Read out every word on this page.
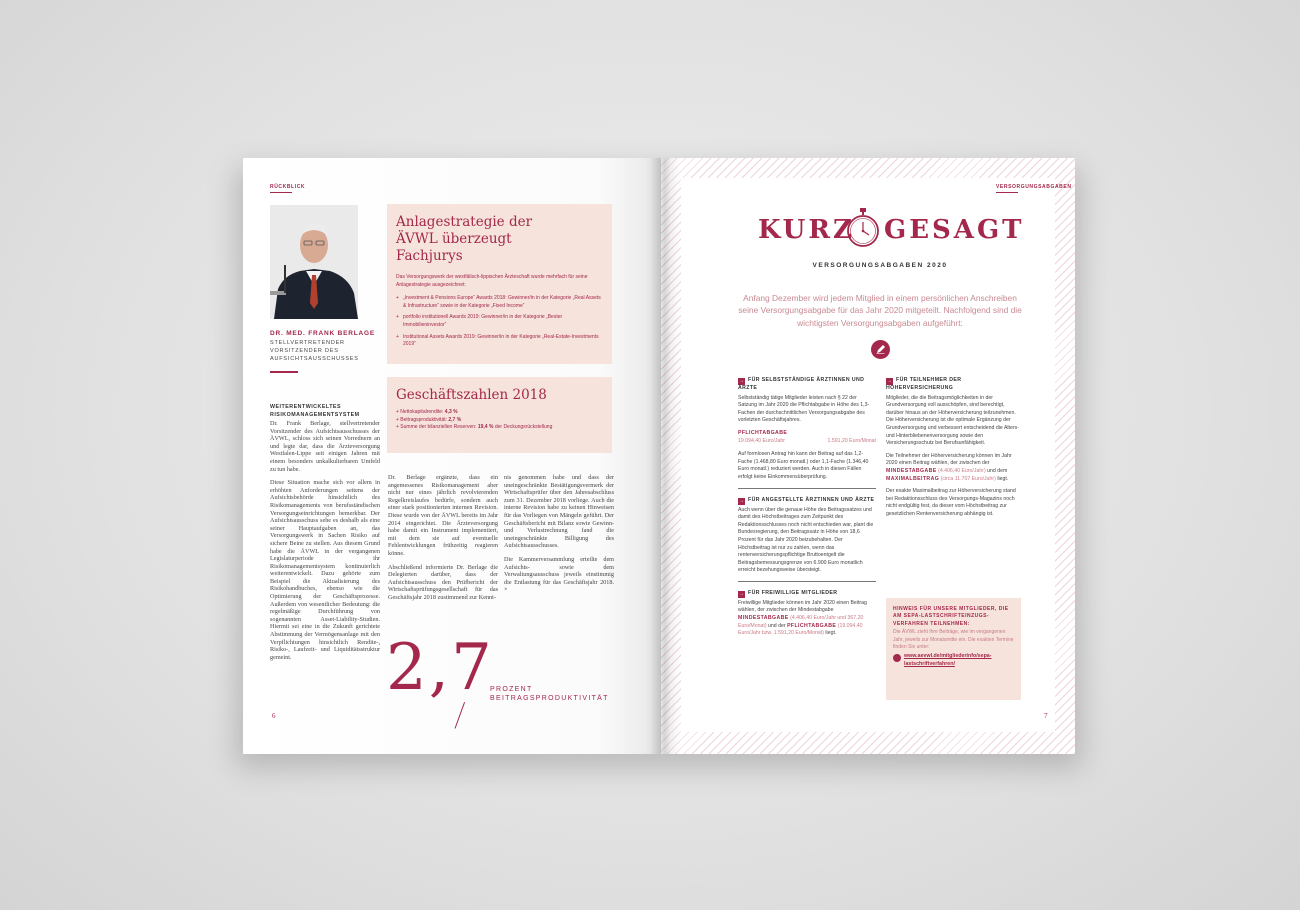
RÜCKBLICK
DR. MED. FRANK BERLAGE
STELLVERTRETENDER VORSITZENDER DES AUFSICHTSAUSSCHUSSES
Anlagestrategie der ÄVWL überzeugt Fachjurys
Das Versorgungswerk der westfälisch-lippischen Ärzteschaft wurde mehrfach für seine Anlagestrategie ausgezeichnet:
+ „Investment & Pensions Europe“ Awards 2018: Gewinner/in in der Kategorie „Real Assets & Infrastructure“ sowie in der Kategorie „Fixed Income“
+ portfolio institutionell Awards 2019: Gewinner/in in der Kategorie „Bester Immobilieninvestor“
+ Institutional Assets Awards 2019: Gewinner/in in der Kategorie „Real-Estate-Investments 2019“
Geschäftszahlen 2018
+ Nettokapitalrendite: 4,3 %
+ Beitragsproduktivität: 2,7 %
+ Summe der bilanziellen Reserven: 19,4 % der Deckungsrückstellung
WEITERENTWICKELTES RISIKOMANAGEMENTSYSTEM

Dr. Frank Berlage, stellvertretender Vorsitzender des Aufsichtsausschusses der ÄVWL, schloss sich seinen Vorrednern an und legte dar, dass die Ärzteversorgung Westfalen-Lippe seit einigen Jahren mit einem besonders unkalkulierbaren Umfeld zu tun habe.

Diese Situation mache sich vor allem in erhöhten Anforderungen seitens der Aufsichtsbehörde hinsichtlich des Risikomanagements von berufsständischen Versorgungseinrichtungen bemerkbar. Der Aufsichtsausschuss sehe es deshalb als eine seiner Hauptaufgaben an, das Versorgungswerk in Sachen Risiko auf sichere Beine zu stellen. Aus diesem Grund habe die ÄVWL in der vergangenen Legislaturperiode ihr Risikomanagementsystem kontinuierlich weiterentwickelt. Dazu gehörte zum Beispiel die Aktualisierung des Risikohandbuches, ebenso wie die Optimierung der Geschäftsprozesse. Außerdem von wesentlicher Bedeutung: die regelmäßige Durchführung von sogenannten Asset-Liability-Studien. Hiermit sei eine in die Zukunft gerichtete Abstimmung der Vermögensanlage mit den Verpflichtungen hinsichtlich Rendite-, Risiko-, Laufzeit- und Liquiditätsstruktur gemeint.

Dr. Berlage ergänzte, dass ein angemessenes Risikomanagement aber nicht nur eines jährlich revolvierenden Regelkreislaufes bedürfe, sondern auch einer stark positionierten internen Revision. Diese wurde von der ÄVWL bereits im Jahr 2014 eingerichtet. Die Ärzteversorgung habe damit ein Instrument implementiert, mit dem sie auf eventuelle Fehlentwicklungen frühzeitig reagieren könne.

Abschließend informierte Dr. Berlage die Delegierten darüber, dass der Aufsichtsausschuss den Prüfbericht der Wirtschaftsprüfungsgesellschaft für das Geschäftsjahr 2018 zustimmend zur Kennt-

nis genommen habe und dass der uneingeschränkte Bestätigungsvermerk der Wirtschaftsprüfer über den Jahresabschluss zum 31. Dezember 2018 vorliege. Auch die interne Revision habe zu keinen Hinweisen für das Vorliegen von Mängeln geführt. Der Geschäftsbericht mit Bilanz sowie Gewinn- und Verlustrechnung fand die uneingeschränkte Billigung des Aufsichtsausschusses.

Die Kammerversammlung erteilte dem Aufsichts- sowie dem Verwaltungsausschuss jeweils einstimmig die Entlastung für das Geschäftsjahr 2018. ×

2,7
PROZENT
BEITRAGSPRODUKTIVITÄT
6
VERSORGUNGSABGABEN
KURZ GESAGT
VERSORGUNGSABGABEN 2020
Anfang Dezember wird jedem Mitglied in einem persönlichen Anschreiben seine Versorgungsabgabe für das Jahr 2020 mitgeteilt. Nachfolgend sind die wichtigsten Versorgungsabgaben aufgeführt:
→ FÜR SELBSTSTÄNDIGE ÄRZTINNEN UND ÄRZTE

Selbstständig tätige Mitglieder leisten nach § 22 der Satzung im Jahr 2020 die Pflichtabgabe in Höhe des 1,3-Fachen der durchschnittlichen Versorgungsabgabe des vorletzten Geschäftsjahres.

PFLICHTABGABE
19.094,40 Euro/Jahr	1.591,20 Euro/Monat

Auf formlosen Antrag hin kann der Beitrag auf das 1,2-Fache (1.468,80 Euro monatl.) oder 1,1-Fache (1.346,40 Euro monatl.) reduziert werden. Auch in diesen Fällen erfolgt keine Einkommensüberprüfung.

→ FÜR ANGESTELLTE ÄRZTINNEN UND ÄRZTE

Auch wenn über die genaue Höhe des Beitragssatzes und damit des Höchstbeitrages zum Zeitpunkt des Redaktionsschlusses noch nicht entschieden war, plant die Bundesregierung, den Beitragssatz in Höhe von 18,6 Prozent für das Jahr 2020 beizubehalten. Der Höchstbeitrag ist nur zu zahlen, wenn das rentenversicherungspflichtige Bruttoentgelt die Beitragsbemessungsgrenze von 6.900 Euro monatlich erreicht bezehungsweise übersteigt.

→ FÜR FREIWILLIGE MITGLIEDER
Freiwillige Mitglieder können im Jahr 2020 einen Beitrag wählen, der zwischen der Mindestabgabe MINDESTABGABE (4.406,40 Euro/Jahr und 367,20 Euro/Monat) und der PFLICHTABGABE (19.094,40 Euro/Jahr bzw. 1.591,20 Euro/Monat) liegt.
→ FÜR TEILNEHMER DER HÖHERVERSICHERUNG

Mitglieder, die die Beitragsmöglichkeiten in der Grundversorgung voll ausschöpfen, sind berechtigt, darüber hinaus an der Höherversicherung teilzunehmen. Die Höherversicherung ist die optimale Ergänzung der Grundversorgung und verbessert entscheidend die Alters- und Hinterbliebenenversorgung sowie den Versicherungsschutz bei Berufsunfähigkeit.

Die Teilnehmer der Höherversicherung können im Jahr 2020 einen Beitrag wählen, der zwischen der MINDESTABGABE (4.406,40 Euro/Jahr) und dem MAXIMALBEITRAG (circa 11.707 Euro/Jahr) liegt.

Der exakte Maximalbeitrag zur Höherversicherung stand bei Redaktionsschluss des Versorgungs-Magazins noch nicht endgültig fest, da dieser vom Höchstbeitrag zur gesetzlichen Rentenversicherung abhängig ist.

HINWEIS FÜR UNSERE MITGLIEDER, DIE AM SEPA-LASTSCHRIFTEINZUGS-VERFAHREN TEILNEHMEN:
Die ÄVWL zieht Ihre Beiträge, wie im vergangenen Jahr, jeweils zur Monatsmitte ein. Die exakten Termine finden Sie unter:
www.aevwl.de/mitgliederinfo/sepa-lastschriftverfahren/
7
